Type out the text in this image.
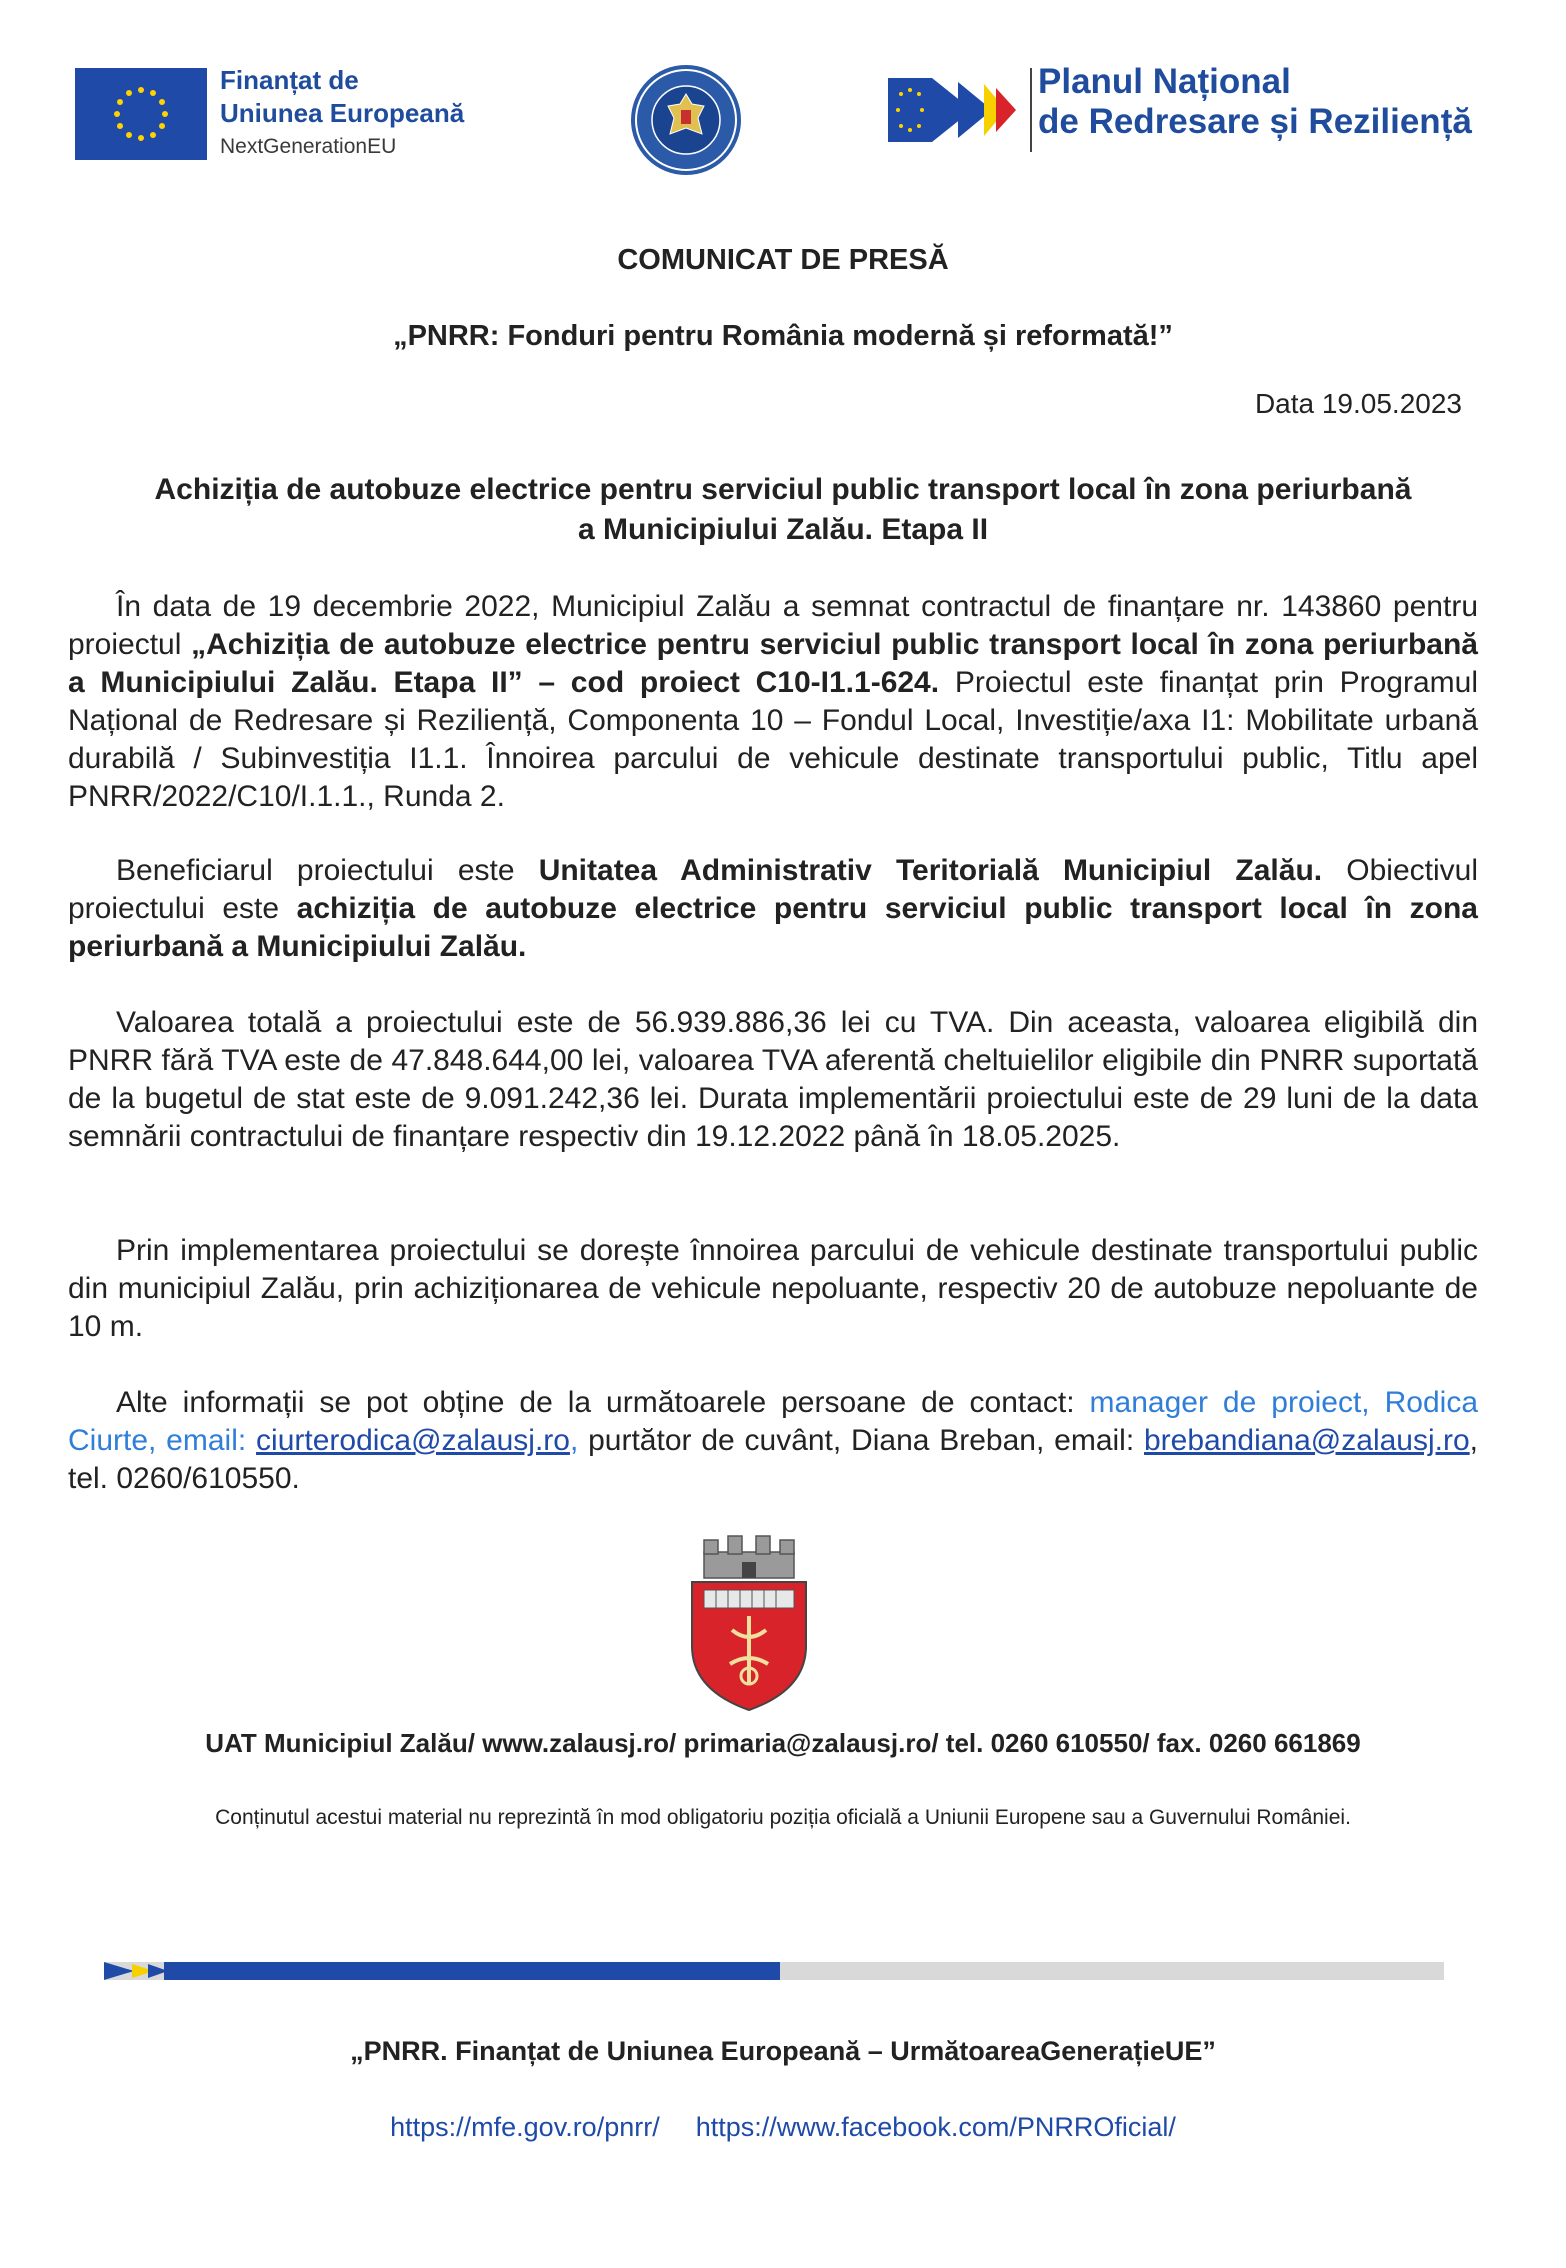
Finanțat de
Uniunea Europeană
NextGenerationEU
Planul Național
de Redresare și Reziliență
COMUNICAT DE PRESĂ
„PNRR: Fonduri pentru România modernă și reformată!”
Data 19.05.2023
Achiziția de autobuze electrice pentru serviciul public transport local în zona periurbană
a Municipiului Zalău. Etapa II
În data de 19 decembrie 2022, Municipiul Zalău a semnat contractul de finanțare nr. 143860 pentru proiectul „Achiziția de autobuze electrice pentru serviciul public transport local în zona periurbană a Municipiului Zalău. Etapa II” – cod proiect C10-I1.1-624. Proiectul este finanțat prin Programul Național de Redresare și Reziliență, Componenta 10 – Fondul Local, Investiție/axa I1: Mobilitate urbană durabilă / Subinvestiția I1.1. Înnoirea parcului de vehicule destinate transportului public, Titlu apel PNRR/2022/C10/I.1.1., Runda 2.
Beneficiarul proiectului este Unitatea Administrativ Teritorială Municipiul Zalău. Obiectivul proiectului este achiziția de autobuze electrice pentru serviciul public transport local în zona periurbană a Municipiului Zalău.
Valoarea totală a proiectului este de 56.939.886,36 lei cu TVA. Din aceasta, valoarea eligibilă din PNRR fără TVA este de 47.848.644,00 lei, valoarea TVA aferentă cheltuielilor eligibile din PNRR suportată de la bugetul de stat este de 9.091.242,36 lei. Durata implementării proiectului este de 29 luni de la data semnării contractului de finanțare respectiv din 19.12.2022 până în 18.05.2025.
Prin implementarea proiectului se dorește înnoirea parcului de vehicule destinate transportului public din municipiul Zalău, prin achiziționarea de vehicule nepoluante, respectiv 20 de autobuze nepoluante de 10 m.
Alte informații se pot obține de la următoarele persoane de contact: manager de proiect, Rodica Ciurte, email: ciurterodica@zalausj.ro, purtător de cuvânt, Diana Breban, email: brebandiana@zalausj.ro, tel. 0260/610550.
UAT Municipiul Zalău/ www.zalausj.ro/ primaria@zalausj.ro/ tel. 0260 610550/ fax. 0260 661869
Conținutul acestui material nu reprezintă în mod obligatoriu poziția oficială a Uniunii Europene sau a Guvernului României.
„PNRR. Finanțat de Uniunea Europeană – UrmătoareaGenerațieUE”
https://mfe.gov.ro/pnrr/ https://www.facebook.com/PNRROficial/
